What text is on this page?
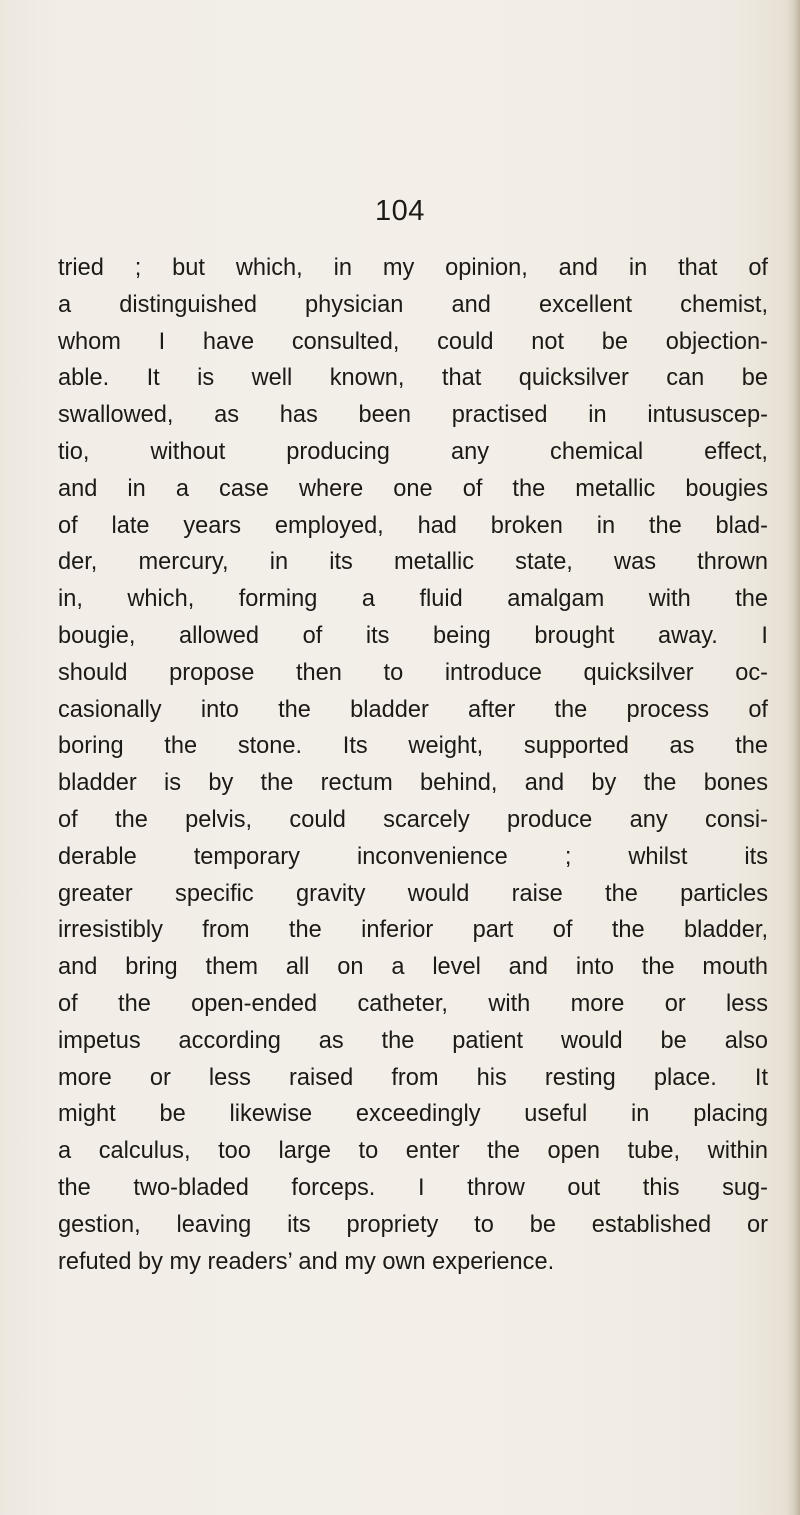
104
tried ; but which, in my opinion, and in that of
a distinguished physician and excellent chemist,
whom I have consulted, could not be objection-
able. It is well known, that quicksilver can be
swallowed, as has been practised in intususcep-
tio, without producing any chemical effect,
and in a case where one of the metallic bougies
of late years employed, had broken in the blad-
der, mercury, in its metallic state, was thrown
in, which, forming a fluid amalgam with the
bougie, allowed of its being brought away. I
should propose then to introduce quicksilver oc-
casionally into the bladder after the process of
boring the stone. Its weight, supported as the
bladder is by the rectum behind, and by the bones
of the pelvis, could scarcely produce any consi-
derable temporary inconvenience ; whilst its
greater specific gravity would raise the particles
irresistibly from the inferior part of the bladder,
and bring them all on a level and into the mouth
of the open-ended catheter, with more or less
impetus according as the patient would be also
more or less raised from his resting place. It
might be likewise exceedingly useful in placing
a calculus, too large to enter the open tube, within
the two-bladed forceps. I throw out this sug-
gestion, leaving its propriety to be established or
refuted by my readers’ and my own experience.
